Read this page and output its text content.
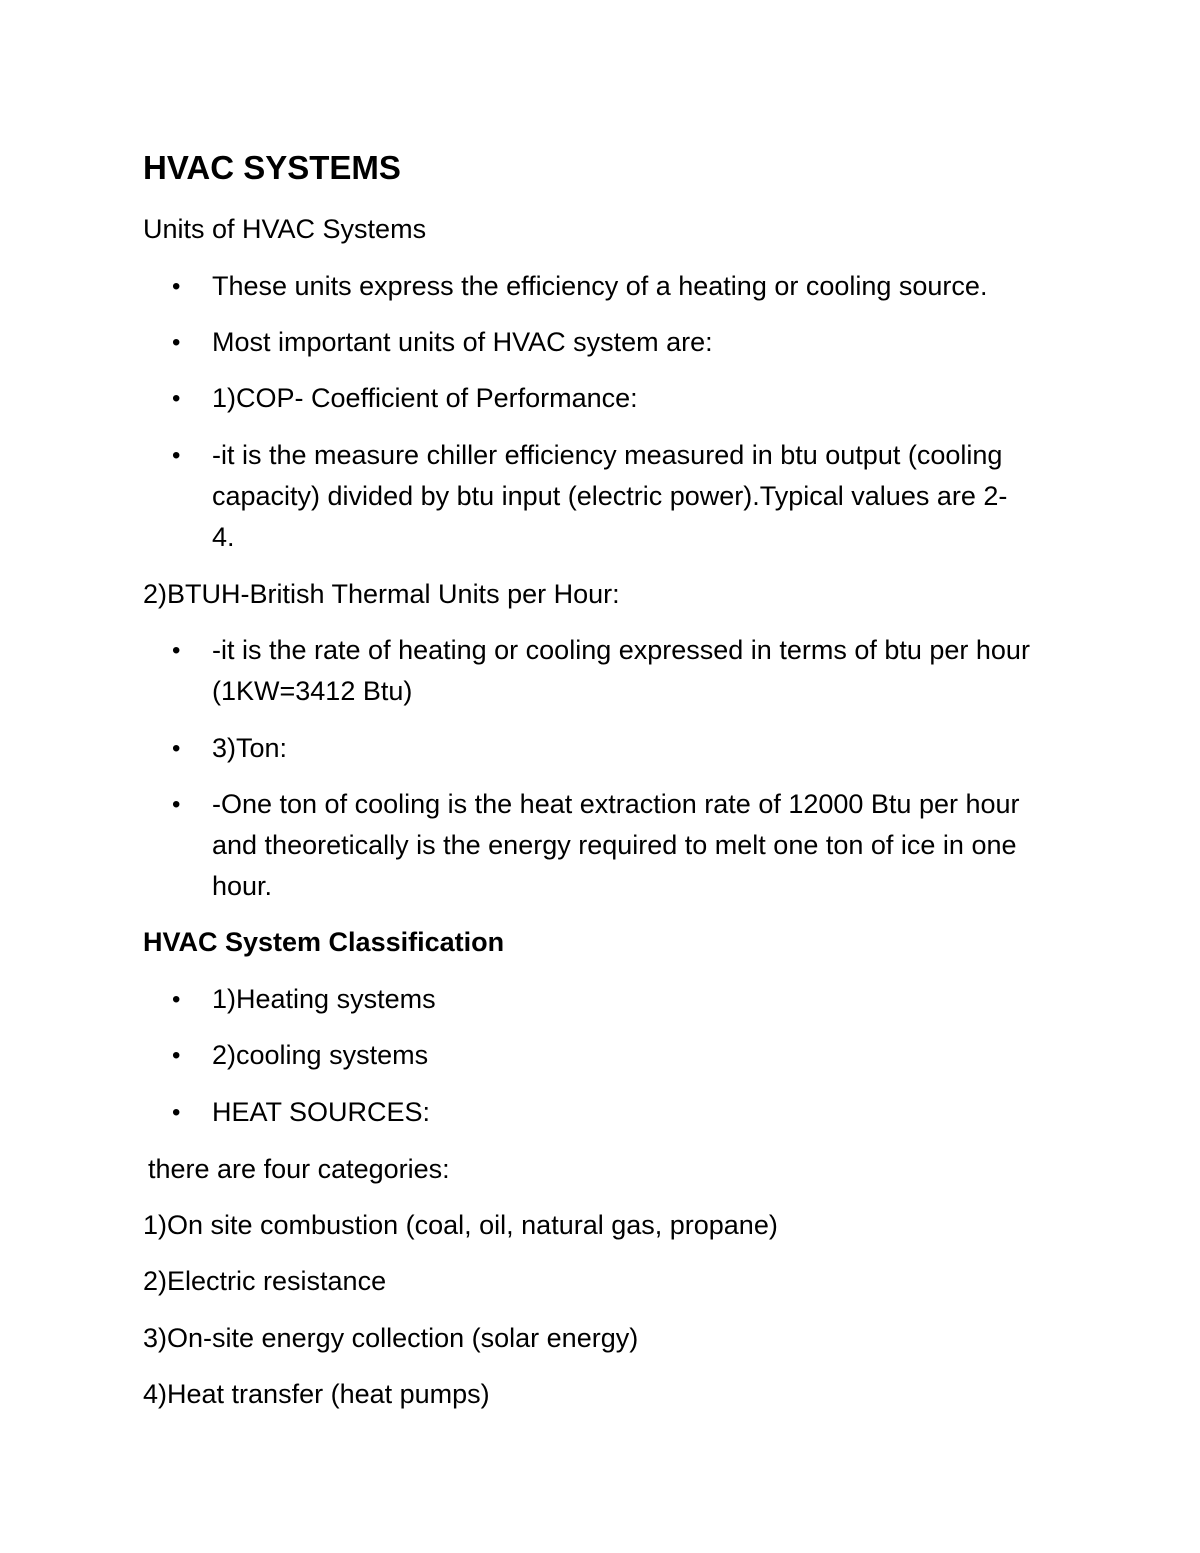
HVAC SYSTEMS
Units of HVAC Systems
•	These units express the efficiency of a heating or cooling source.
•	Most important units of HVAC system are:
•	1)COP- Coefficient of Performance:
•	-it is the measure chiller efficiency measured in btu output (cooling capacity) divided by btu input (electric power).Typical values are 2-4.
2)BTUH-British Thermal Units per Hour:
•	-it is the rate of heating or cooling expressed in terms of btu per hour (1KW=3412 Btu)
•	3)Ton:
•	-One ton of cooling is the heat extraction rate of 12000 Btu per hour and theoretically is the energy required to melt one ton of ice in one hour.
HVAC System Classification
•	1)Heating systems
•	2)cooling systems
•	HEAT SOURCES:
there are four categories:
1)On site combustion (coal, oil, natural gas, propane)
2)Electric resistance
3)On-site energy collection (solar energy)
4)Heat transfer (heat pumps)
